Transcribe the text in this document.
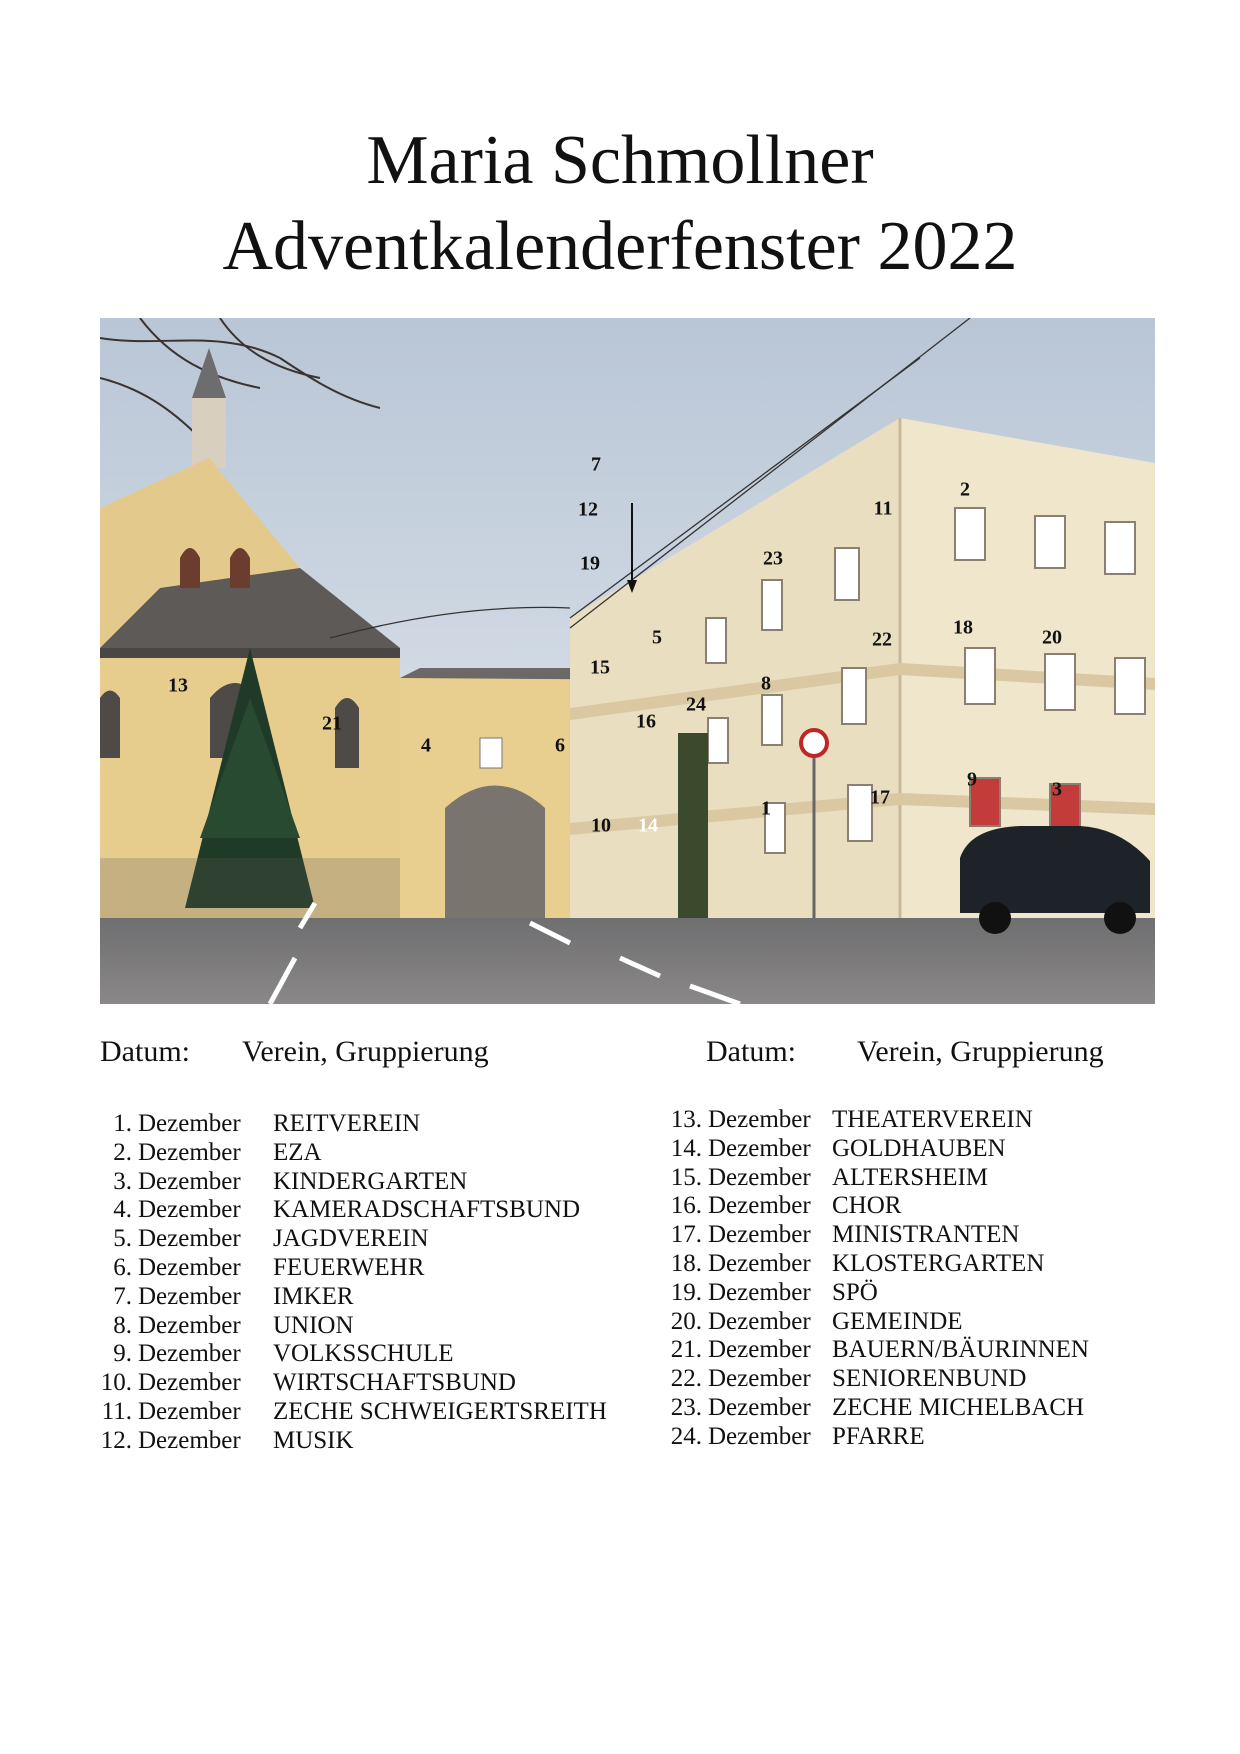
Maria Schmollner
Adventkalenderfenster 2022
7
12
19
2
11
23
5	22
18	20
15
8
13
24
21	16
4	6
9	3
17
1
10 14
Datum: Verein, Gruppierung	Datum: Verein, Gruppierung
1. Dezember	REITVEREIN
2. Dezember	EZA
3. Dezember	KINDERGARTEN
4. Dezember	KAMERADSCHAFTSBUND
5. Dezember	JAGDVEREIN
6. Dezember	FEUERWEHR
7. Dezember	IMKER
8. Dezember	UNION
9. Dezember	VOLKSSCHULE
10. Dezember	WIRTSCHAFTSBUND
11. Dezember	ZECHE SCHWEIGERTSREITH
12. Dezember	MUSIK
13. Dezember THEATERVEREIN
14. Dezember GOLDHAUBEN
15. Dezember ALTERSHEIM
16. Dezember CHOR
17. Dezember MINISTRANTEN
18. Dezember KLOSTERGARTEN
19. Dezember SPÖ
20. Dezember GEMEINDE
21. Dezember BAUERN/BÄURINNEN
22. Dezember SENIORENBUND
23. Dezember ZECHE MICHELBACH
24. Dezember PFARRE
